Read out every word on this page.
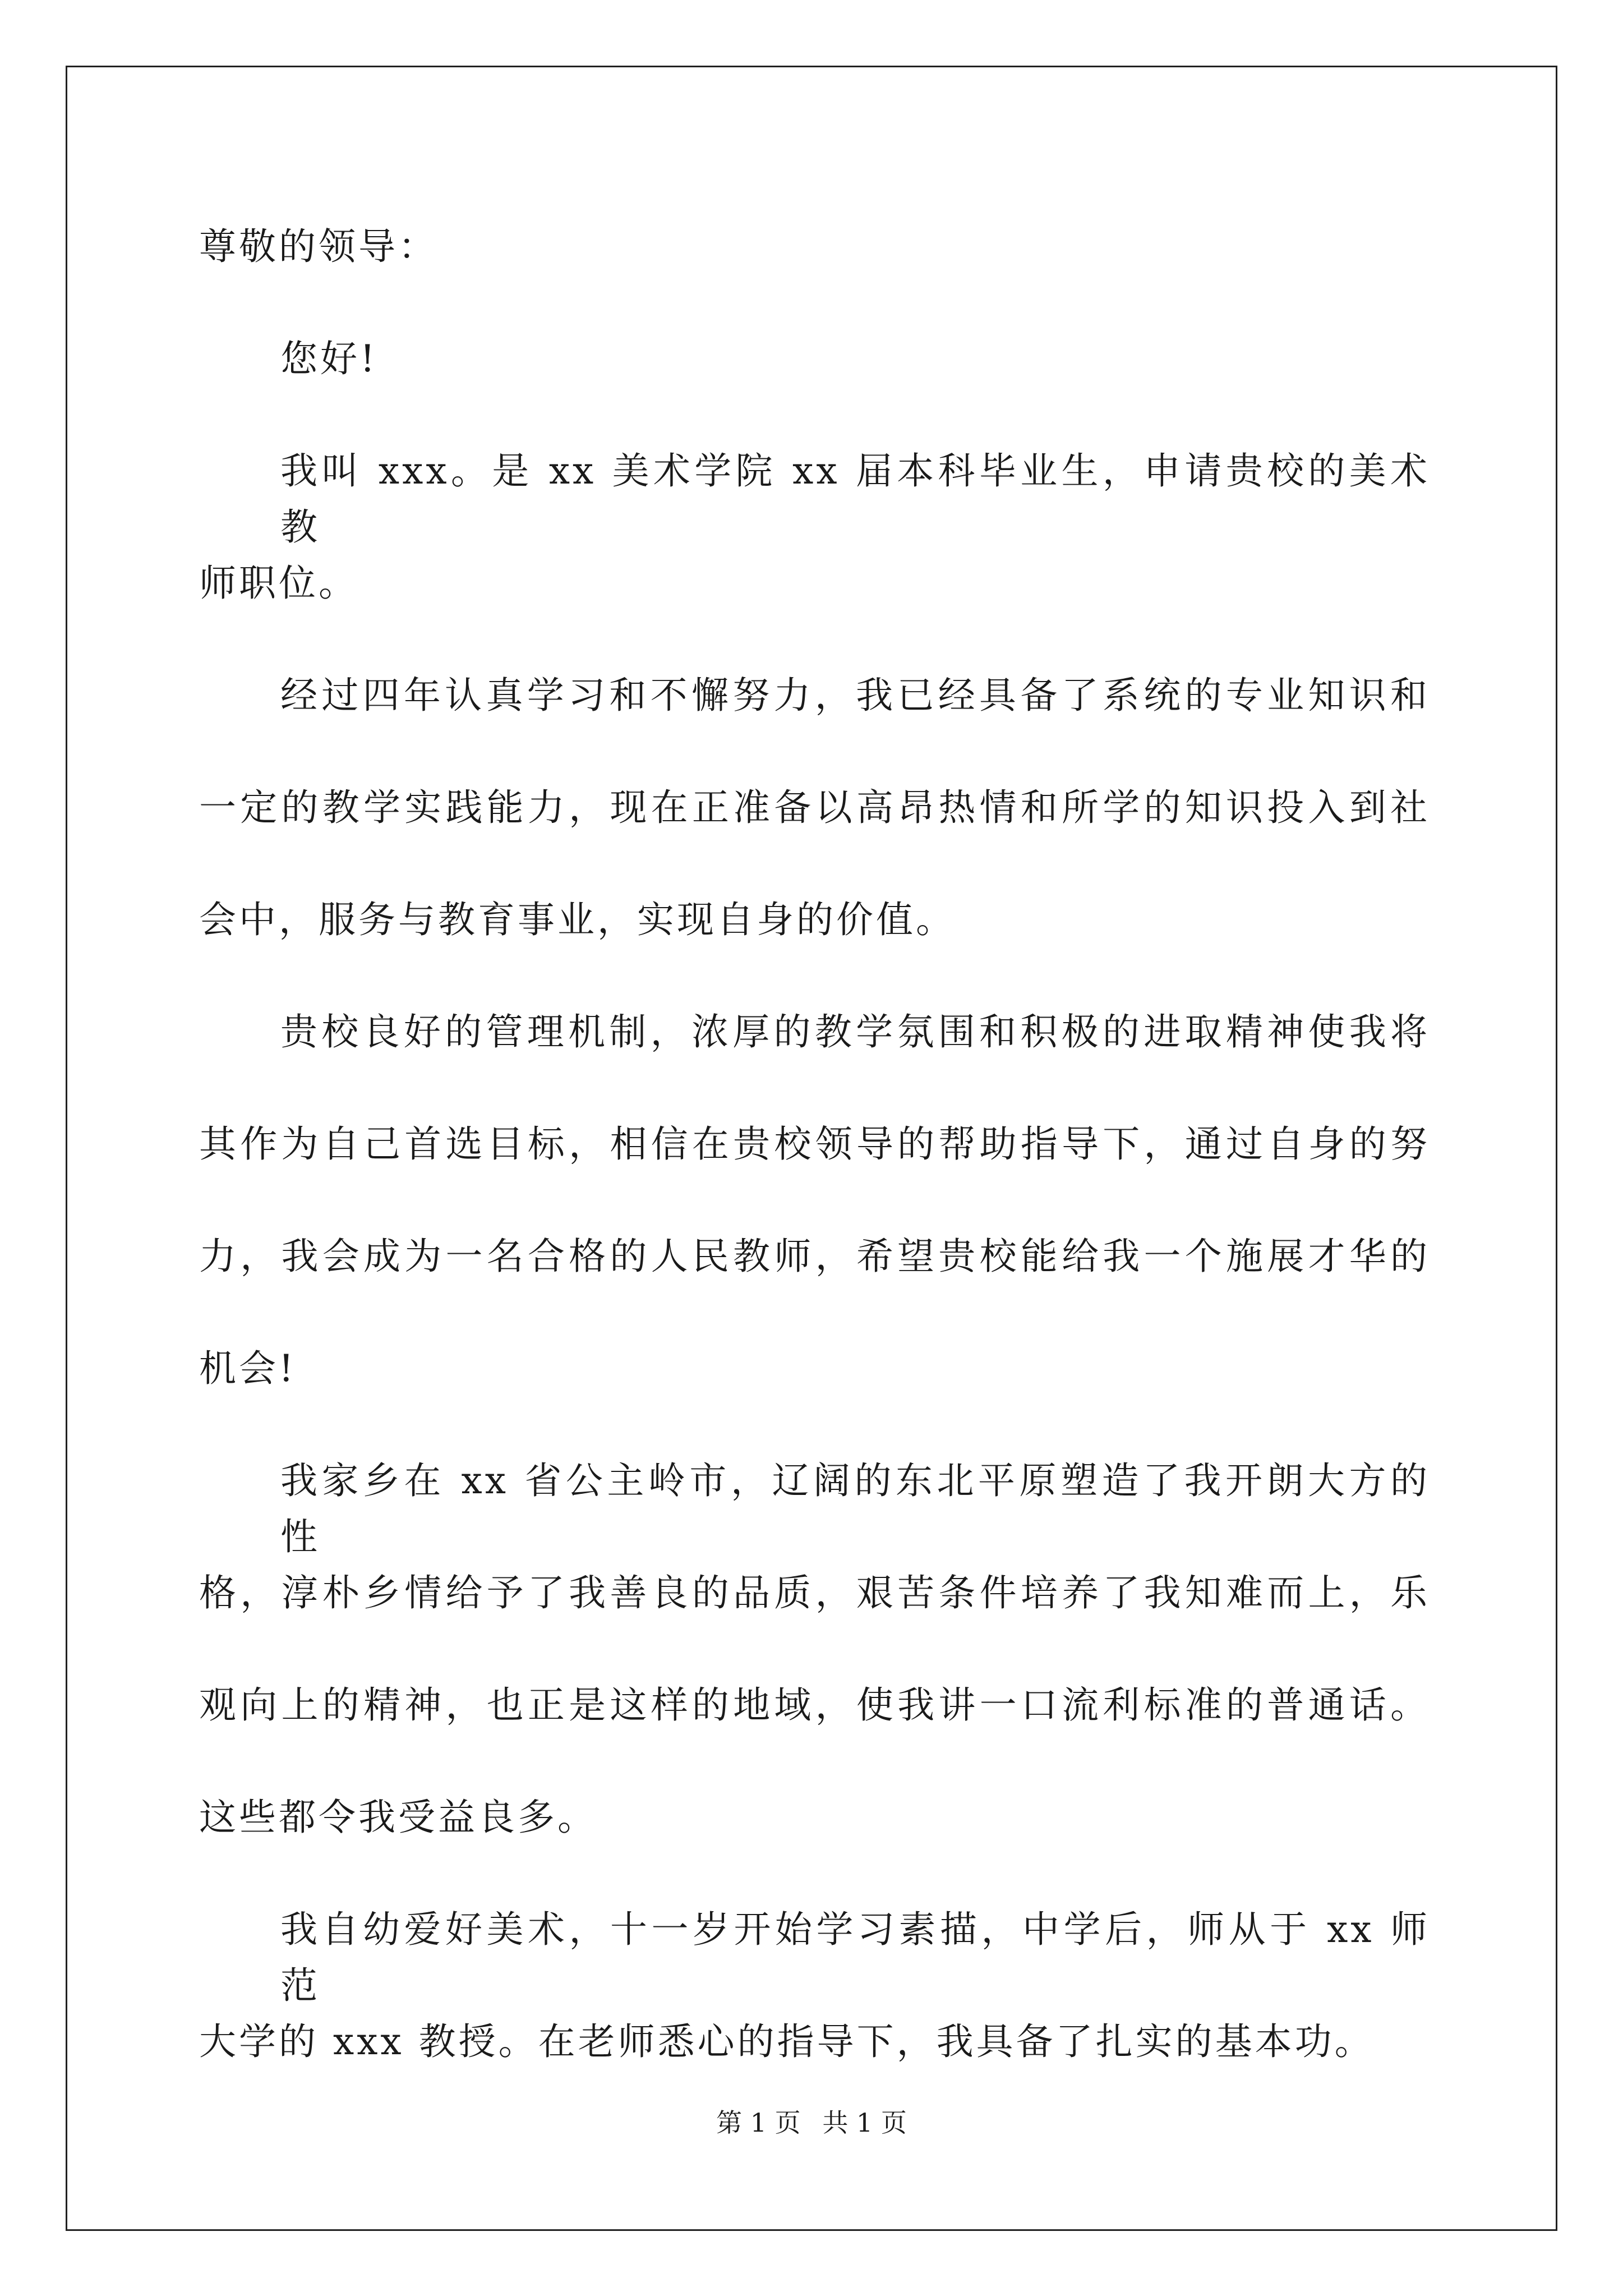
尊敬的领导：
您好!
我叫 xxx。是 xx 美术学院 xx 届本科毕业生，申请贵校的美术教
师职位。
经过四年认真学习和不懈努力，我已经具备了系统的专业知识和
一定的教学实践能力，现在正准备以高昂热情和所学的知识投入到社
会中，服务与教育事业，实现自身的价值。
贵校良好的管理机制，浓厚的教学氛围和积极的进取精神使我将
其作为自己首选目标，相信在贵校领导的帮助指导下，通过自身的努
力，我会成为一名合格的人民教师，希望贵校能给我一个施展才华的
机会!
我家乡在 xx 省公主岭市，辽阔的东北平原塑造了我开朗大方的性
格，淳朴乡情给予了我善良的品质，艰苦条件培养了我知难而上，乐
观向上的精神，也正是这样的地域，使我讲一口流利标准的普通话。
这些都令我受益良多。
我自幼爱好美术，十一岁开始学习素描，中学后，师从于 xx 师范
大学的 xxx 教授。在老师悉心的指导下，我具备了扎实的基本功。
第 1 页 共 1 页
